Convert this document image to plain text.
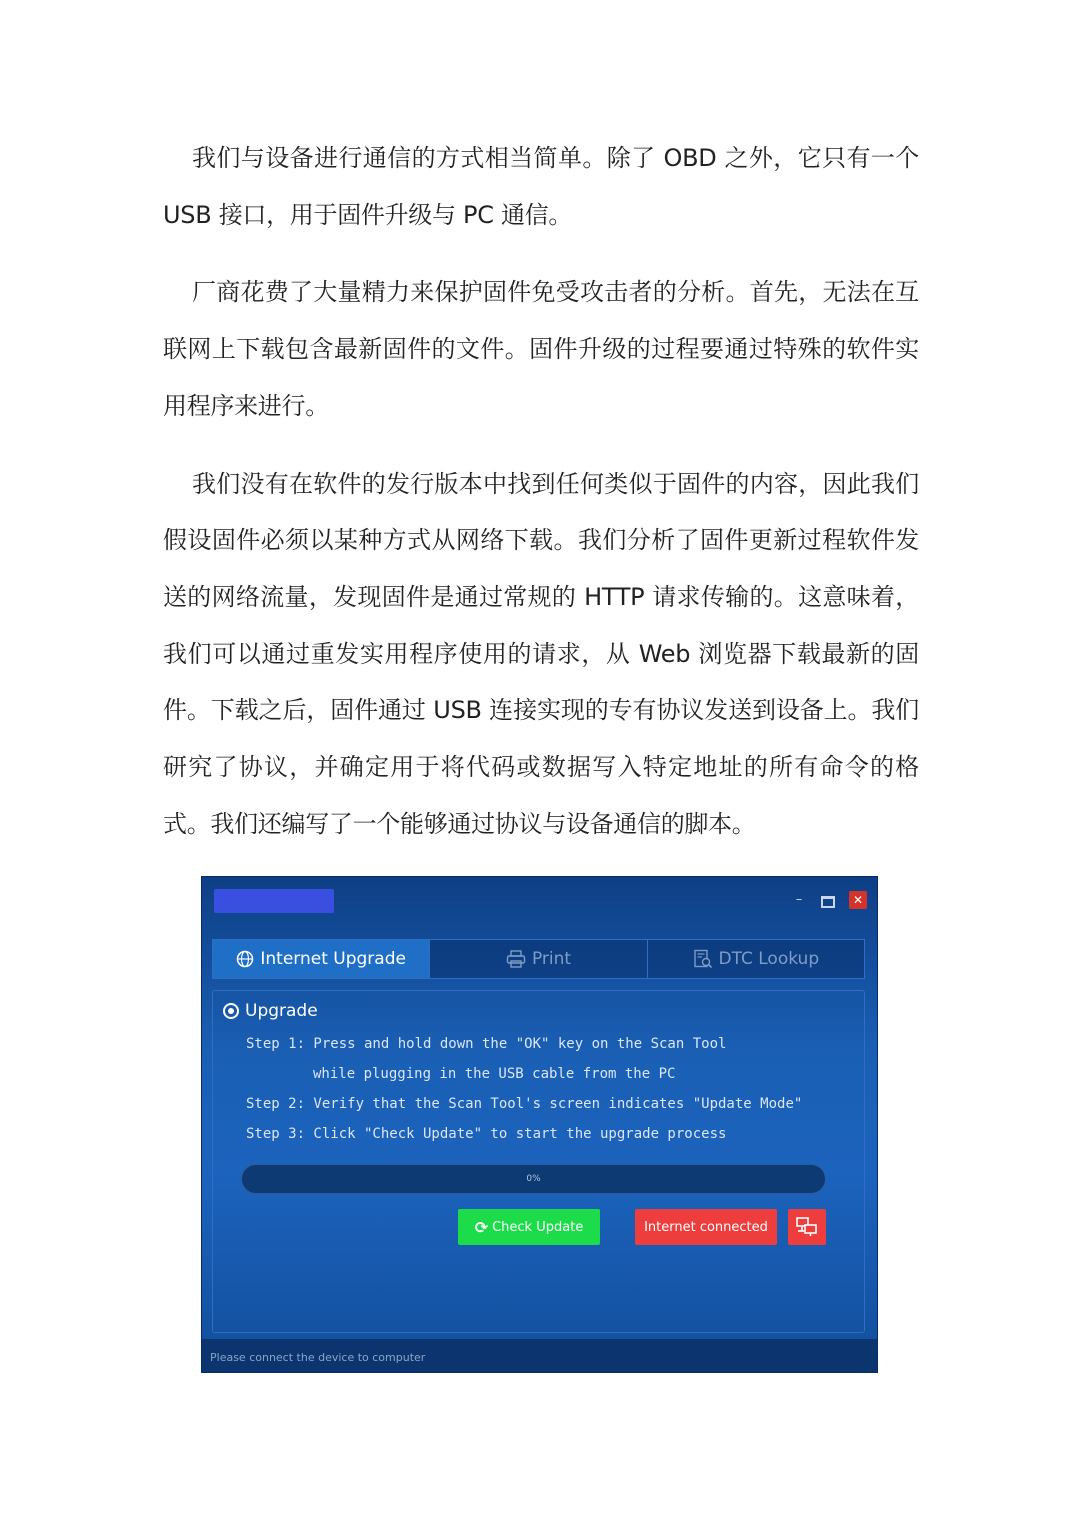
我们与设备进行通信的方式相当简单。除了 OBD 之外，它只有一个 USB 接口，用于固件升级与 PC 通信。

厂商花费了大量精力来保护固件免受攻击者的分析。首先，无法在互联网上下载包含最新固件的文件。固件升级的过程要通过特殊的软件实用程序来进行。

我们没有在软件的发行版本中找到任何类似于固件的内容，因此我们假设固件必须以某种方式从网络下载。我们分析了固件更新过程软件发送的网络流量，发现固件是通过常规的 HTTP 请求传输的。这意味着，我们可以通过重发实用程序使用的请求，从 Web 浏览器下载最新的固件。下载之后，固件通过 USB 连接实现的专有协议发送到设备上。我们研究了协议，并确定用于将代码或数据写入特定地址的所有命令的格式。我们还编写了一个能够通过协议与设备通信的脚本。

–	✕
Internet Upgrade	Print	DTC Lookup
Upgrade
Step 1: Press and hold down the "OK" key on the Scan Tool
while plugging in the USB cable from the PC
Step 2: Verify that the Scan Tool's screen indicates "Update Mode"
Step 3: Click "Check Update" to start the upgrade process
0%
⟳ Check Update	Internet connected
Please connect the device to computer
